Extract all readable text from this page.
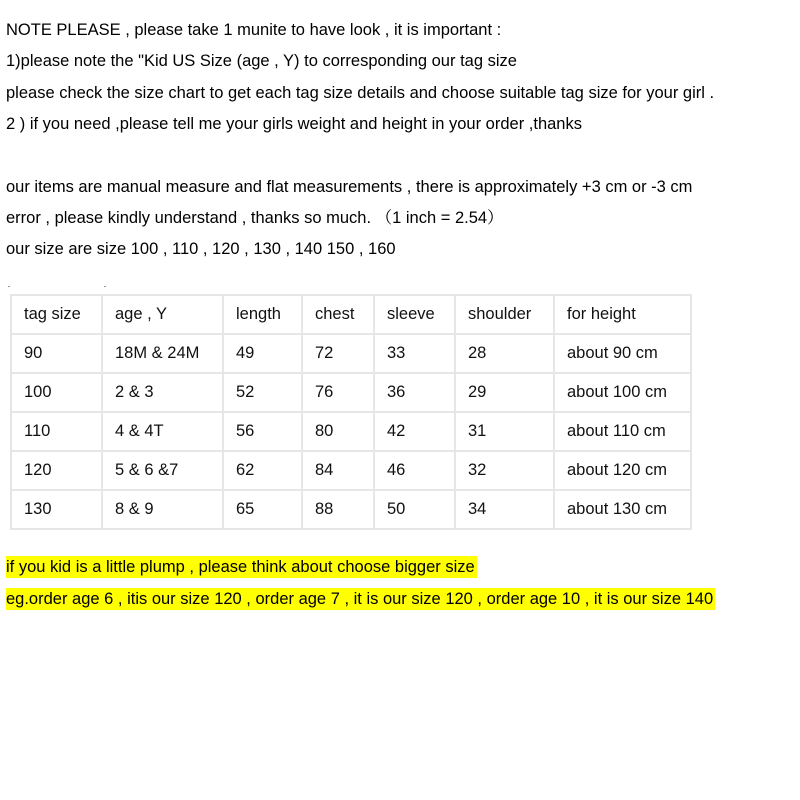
NOTE PLEASE , please take 1 munite to have look , it is important :
1)please note the "Kid US Size (age , Y) to corresponding our tag size
please check the size chart to get each tag size details and choose suitable tag size for your girl .
2 ) if you need ,please tell me your girls weight and height in your order ,thanks
our items are manual measure and flat measurements , there is approximately +3 cm or -3 cm
error , please kindly understand , thanks so much. （1 inch = 2.54）
our size are size 100 , 110 , 120 , 130 , 140 150 , 160
tag size	age , Y	length	chest	sleeve	shoulder	for height
90	18M & 24M	49	72	33	28	about 90 cm
100	2 & 3	52	76	36	29	about 100 cm
110	4 & 4T	56	80	42	31	about 110 cm
120	5 & 6 &7	62	84	46	32	about 120 cm
130	8 & 9	65	88	50	34	about 130 cm
if you kid is a little plump , please think about choose bigger size
eg.order age 6 , itis our size 120 , order age 7 , it is our size 120 , order age 10 , it is our size 140
